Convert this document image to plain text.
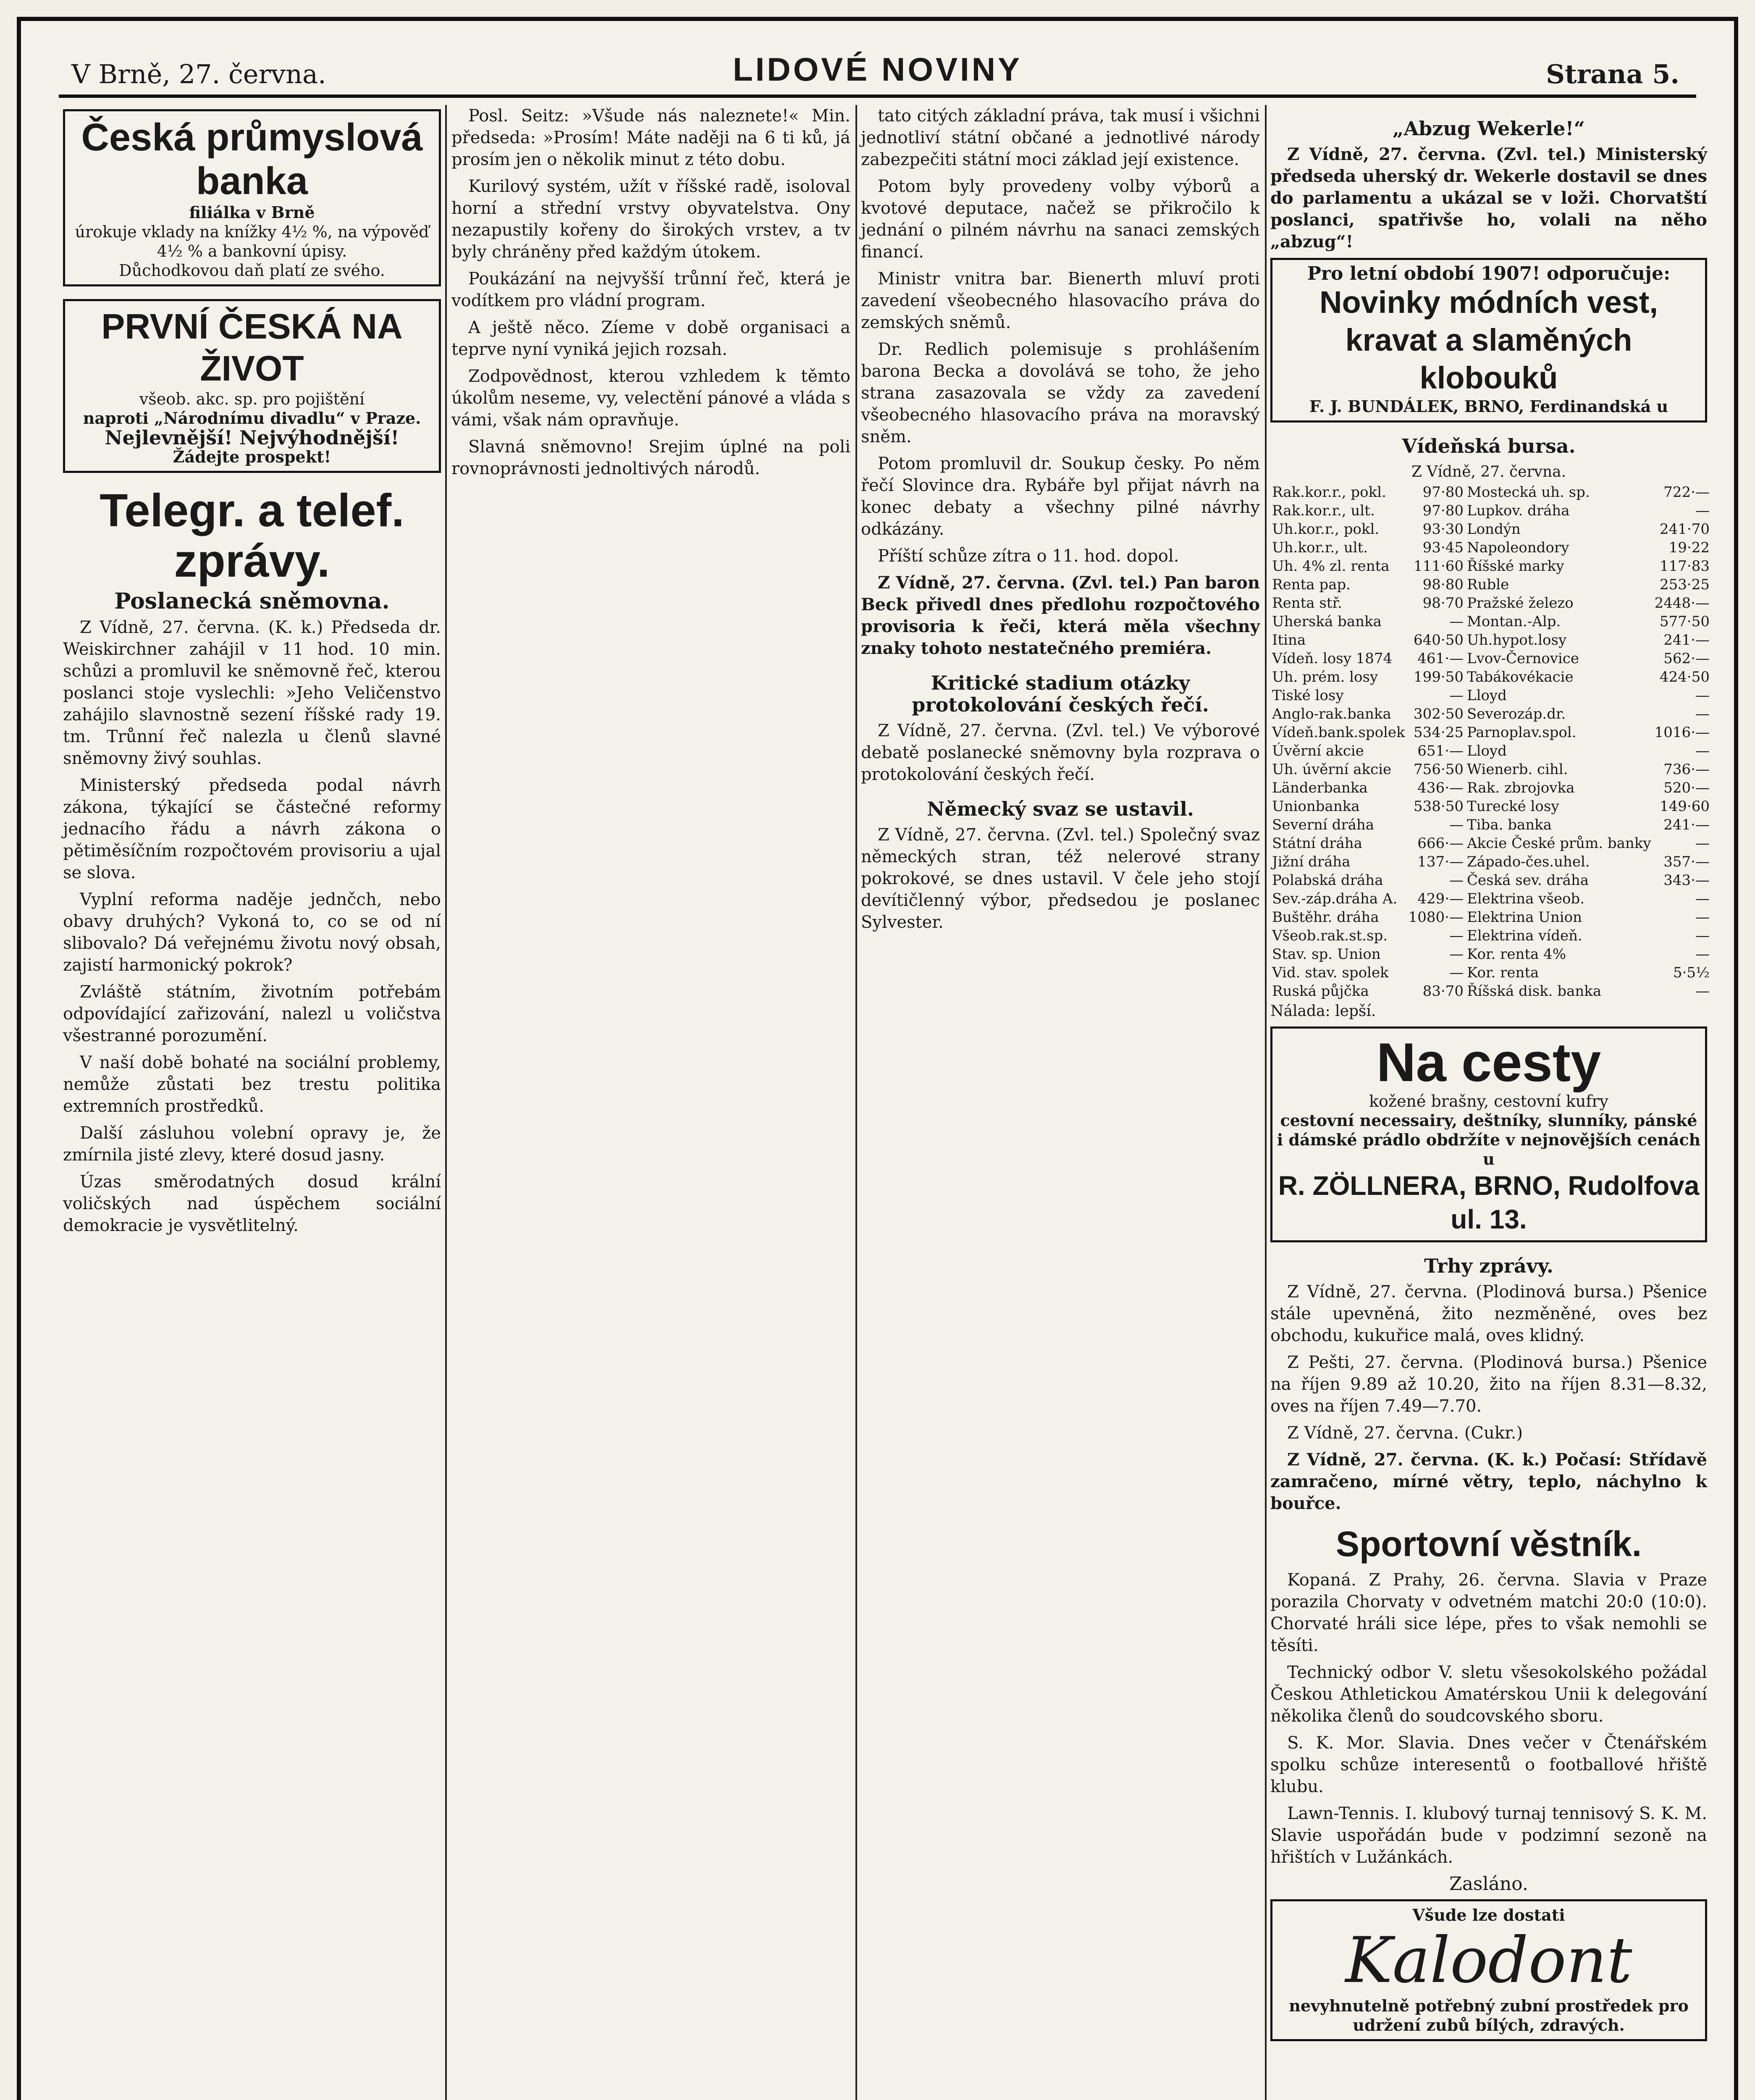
V Brně, 27. června.	LIDOVÉ NOVINY	Strana 5.
Česká průmyslová banka
filiálka v Brně
úrokuje vklady na knížky 4½ %, na výpověď 4½ % a bankovní úpisy.
Důchodkovou daň platí ze svého.
PRVNÍ ČESKÁ NA ŽIVOT
všeob. akc. sp. pro pojištění
naproti „Národnímu divadlu“ v Praze.
Nejlevnější! Nejvýhodnější!
Žádejte prospekt!
Telegr. a telef. zprávy.
Poslanecká sněmovna.

Z Vídně, 27. června. (K. k.) Předseda dr. Weiskirchner zahájil v 11 hod. 10 min. schůzi a promluvil ke sněmovně řeč, kterou poslanci stoje vyslechli: »Jeho Veličenstvo zahájilo slavnostně sezení říšské rady 19. tm. Trůnní řeč nalezla u členů slavné sněmovny živý souhlas.

Ministerský předseda podal návrh zákona, týkající se částečné reformy jednacího řádu a návrh zákona o pětiměsíčním rozpočtovém provisoriu a ujal se slova.

Vyplní reforma naděje jednčch, nebo obavy druhých? Vykoná to, co se od ní slibovalo? Dá veřejnému životu nový obsah, zajistí harmonický pokrok?

Zvláště státním, životním potřebám odpovídající zařizování, nalezl u voličstva všestranné porozumění.

V naší době bohaté na sociální problemy, nemůže zůstati bez trestu politika extremních prostředků.

Další zásluhou volební opravy je, že zmírnila jisté zlevy, které dosud jasny.

Úzas směrodatných dosud krální voličských nad úspěchem sociální demokracie je vysvětlitelný.

Posl. Seitz: »Všude nás naleznete!« Min. předseda: »Prosím! Máte naději na 6 ti ků, já prosím jen o několik minut z této dobu.

Kurilový systém, užít v říšské radě, isoloval horní a střední vrstvy obyvatelstva. Ony nezapustily kořeny do širokých vrstev, a tv byly chráněny před každým útokem.

Poukázání na nejvyšší trůnní řeč, která je vodítkem pro vládní program.

A ještě něco. Zíeme v době organisaci a teprve nyní vyniká jejich rozsah.

Zodpovědnost, kterou vzhledem k těmto úkolům neseme, vy, velectění pánové a vláda s vámi, však nám opravňuje.

Slavná sněmovno! Srejim úplné na poli rovnoprávnosti jednoltivých národů.

tato citých základní práva, tak musí i všichni jednotliví státní občané a jednotlivé národy zabezpečiti státní moci základ její existence.

Potom byly provedeny volby výborů a kvotové deputace, načež se přikročilo k jednání o pilném návrhu na sanaci zemských financí.

Ministr vnitra bar. Bienerth mluví proti zavedení všeobecného hlasovacího práva do zemských sněmů.

Dr. Redlich polemisuje s prohlášením barona Becka a dovolává se toho, že jeho strana zasazovala se vždy za zavedení všeobecného hlasovacího práva na moravský sněm.

Potom promluvil dr. Soukup česky. Po něm řečí Slovince dra. Rybáře byl přijat návrh na konec debaty a všechny pilné návrhy odkázány.

Příští schůze zítra o 11. hod. dopol.

Z Vídně, 27. června. (Zvl. tel.) Pan baron Beck přivedl dnes předlohu rozpočtového provisoria k řeči, která měla všechny znaky tohoto nestatečného premiéra.

Kritické stadium otázky protokolování českých řečí.

Z Vídně, 27. června. (Zvl. tel.) Ve výborové debatě poslanecké sněmovny byla rozprava o protokolování českých řečí.

Německý svaz se ustavil.

Z Vídně, 27. června. (Zvl. tel.) Společný svaz německých stran, též nelerové strany pokrokové, se dnes ustavil. V čele jeho stojí devítičlenný výbor, předsedou je poslanec Sylvester.

„Abzug Wekerle!“

Z Vídně, 27. června. (Zvl. tel.) Ministerský předseda uherský dr. Wekerle dostavil se dnes do parlamentu a ukázal se v loži. Chorvatští poslanci, spatřivše ho, volali na něho „abzug“!

Pro letní období 1907! odporučuje:
Novinky módních vest, kravat a slaměných klobouků
F. J. BUNDÁLEK, BRNO, Ferdinandská u
Vídeňská bursa.
Z Vídně, 27. června.
Rak.kor.r., pokl.	97·80	Mostecká uh. sp.	722·—
Rak.kor.r., ult.	97·80	Lupkov. dráha	—
Uh.kor.r., pokl.	93·30	Londýn	241·70
Uh.kor.r., ult.	93·45	Napoleondory	19·22
Uh. 4% zl. renta	111·60	Říšské marky	117·83
Renta pap.	98·80	Ruble	253·25
Renta stř.	98·70	Pražské železo	2448·—
Uherská banka	—	Montan.-Alp.	577·50
Itina	640·50	Uh.hypot.losy	241·—
Vídeň. losy 1874	461·—	Lvov-Černovice	562·—
Uh. prém. losy	199·50	Tabákovékacie	424·50
Tiské losy	—	Lloyd	—
Anglo-rak.banka	302·50	Severozáp.dr.	—
Vídeň.bank.spolek	534·25	Parnoplav.spol.	1016·—
Úvěrní akcie	651·—	Lloyd	—
Uh. úvěrní akcie	756·50	Wienerb. cihl.	736·—
Länderbanka	436·—	Rak. zbrojovka	520·—
Unionbanka	538·50	Turecké losy	149·60
Severní dráha	—	Tiba. banka	241·—
Státní dráha	666·—	Akcie České prům. banky	—
Jižní dráha	137·—	Západo-čes.uhel.	357·—
Polabská dráha	—	Česká sev. dráha	343·—
Sev.-záp.dráha A.	429·—	Elektrina všeob.	—
Buštěhr. dráha	1080·—	Elektrina Union	—
Všeob.rak.st.sp.	—	Elektrina vídeň.	—
Stav. sp. Union	—	Kor. renta 4%	—
Vid. stav. spolek	—	Kor. renta	5·5½
Ruská půjčka	83·70	Říšská disk. banka	—
Nálada: lepší.
Na cesty
kožené brašny, cestovní kufry
cestovní necessairy, deštníky, slunníky, pánské i dámské prádlo obdržíte v nejnovějších cenách u
R. ZÖLLNERA, BRNO, Rudolfova ul. 13.
Trhy zprávy.

Z Vídně, 27. června. (Plodinová bursa.) Pšenice stále upevněná, žito nezměněné, oves bez obchodu, kukuřice malá, oves klidný.

Z Pešti, 27. června. (Plodinová bursa.) Pšenice na říjen 9.89 až 10.20, žito na říjen 8.31—8.32, oves na říjen 7.49—7.70.

Z Vídně, 27. června. (Cukr.)

Z Vídně, 27. června. (K. k.) Počasí: Střídavě zamračeno, mírné větry, teplo, náchylno k bouřce.

Sportovní věstník.

Kopaná. Z Prahy, 26. června. Slavia v Praze porazila Chorvaty v odvetném matchi 20:0 (10:0). Chorvaté hráli sice lépe, přes to však nemohli se těsíti.

Technický odbor V. sletu všesokolského požádal Českou Athletickou Amatérskou Unii k delegování několika členů do soudcovského sboru.

S. K. Mor. Slavia. Dnes večer v Čtenářském spolku schůze interesentů o footballové hřiště klubu.

Lawn-Tennis. I. klubový turnaj tennisový S. K. M. Slavie uspořádán bude v podzimní sezoně na hřištích v Lužánkách.

Zasláno.
Všude lze dostati
Kalodont
nevyhnutelně potřebný zubní prostředek pro udržení zubů bílých, zdravých.
